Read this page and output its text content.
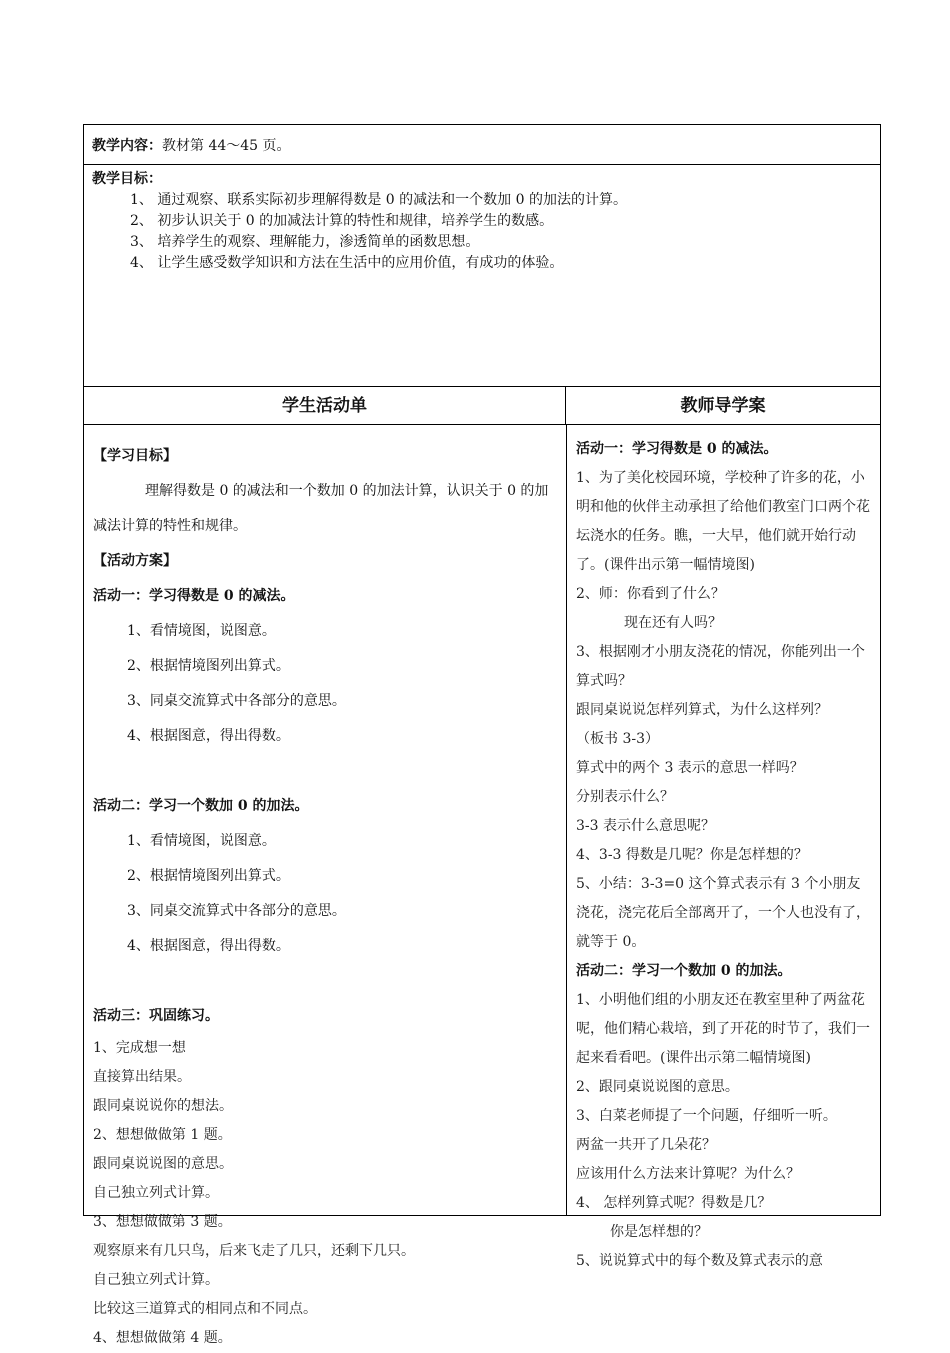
教学内容：教材第 44～45 页。
教学目标：
1、 通过观察、联系实际初步理解得数是 0 的减法和一个数加 0 的加法的计算。
2、 初步认识关于 0 的加减法计算的特性和规律，培养学生的数感。
3、 培养学生的观察、理解能力，渗透简单的函数思想。
4、 让学生感受数学知识和方法在生活中的应用价值，有成功的体验。
学生活动单	教师导学案
【学习目标】
理解得数是 0 的减法和一个数加 0 的加法计算，认识关于 0 的加减法计算的特性和规律。
【活动方案】
活动一：学习得数是 0 的减法。
1、看情境图，说图意。
2、根据情境图列出算式。
3、同桌交流算式中各部分的意思。
4、根据图意，得出得数。
活动二：学习一个数加 0 的加法。
1、看情境图，说图意。
2、根据情境图列出算式。
3、同桌交流算式中各部分的意思。
4、根据图意，得出得数。
活动三：巩固练习。
1、完成想一想
直接算出结果。
跟同桌说说你的想法。
2、想想做做第 1 题。
跟同桌说说图的意思。
自己独立列式计算。
3、想想做做第 3 题。
观察原来有几只鸟，后来飞走了几只，还剩下几只。
自己独立列式计算。
比较这三道算式的相同点和不同点。
4、想想做做第 4 题。
活动一：学习得数是 0 的减法。
1、为了美化校园环境，学校种了许多的花，小明和他的伙伴主动承担了给他们教室门口两个花坛浇水的任务。瞧，一大早，他们就开始行动了。(课件出示第一幅情境图)
2、师：你看到了什么？
现在还有人吗？
3、根据刚才小朋友浇花的情况，你能列出一个算式吗？
跟同桌说说怎样列算式，为什么这样列？
（板书 3-3）
算式中的两个 3 表示的意思一样吗？
分别表示什么？
3-3 表示什么意思呢？
4、3-3 得数是几呢？你是怎样想的？
5、小结：3-3=0 这个算式表示有 3 个小朋友浇花，浇完花后全部离开了，一个人也没有了，就等于 0。
活动二：学习一个数加 0 的加法。
1、小明他们组的小朋友还在教室里种了两盆花呢，他们精心栽培，到了开花的时节了，我们一起来看看吧。(课件出示第二幅情境图)
2、跟同桌说说图的意思。
3、白菜老师提了一个问题，仔细听一听。
两盆一共开了几朵花？
应该用什么方法来计算呢？为什么？
4、 怎样列算式呢？得数是几？
你是怎样想的？
5、说说算式中的每个数及算式表示的意
